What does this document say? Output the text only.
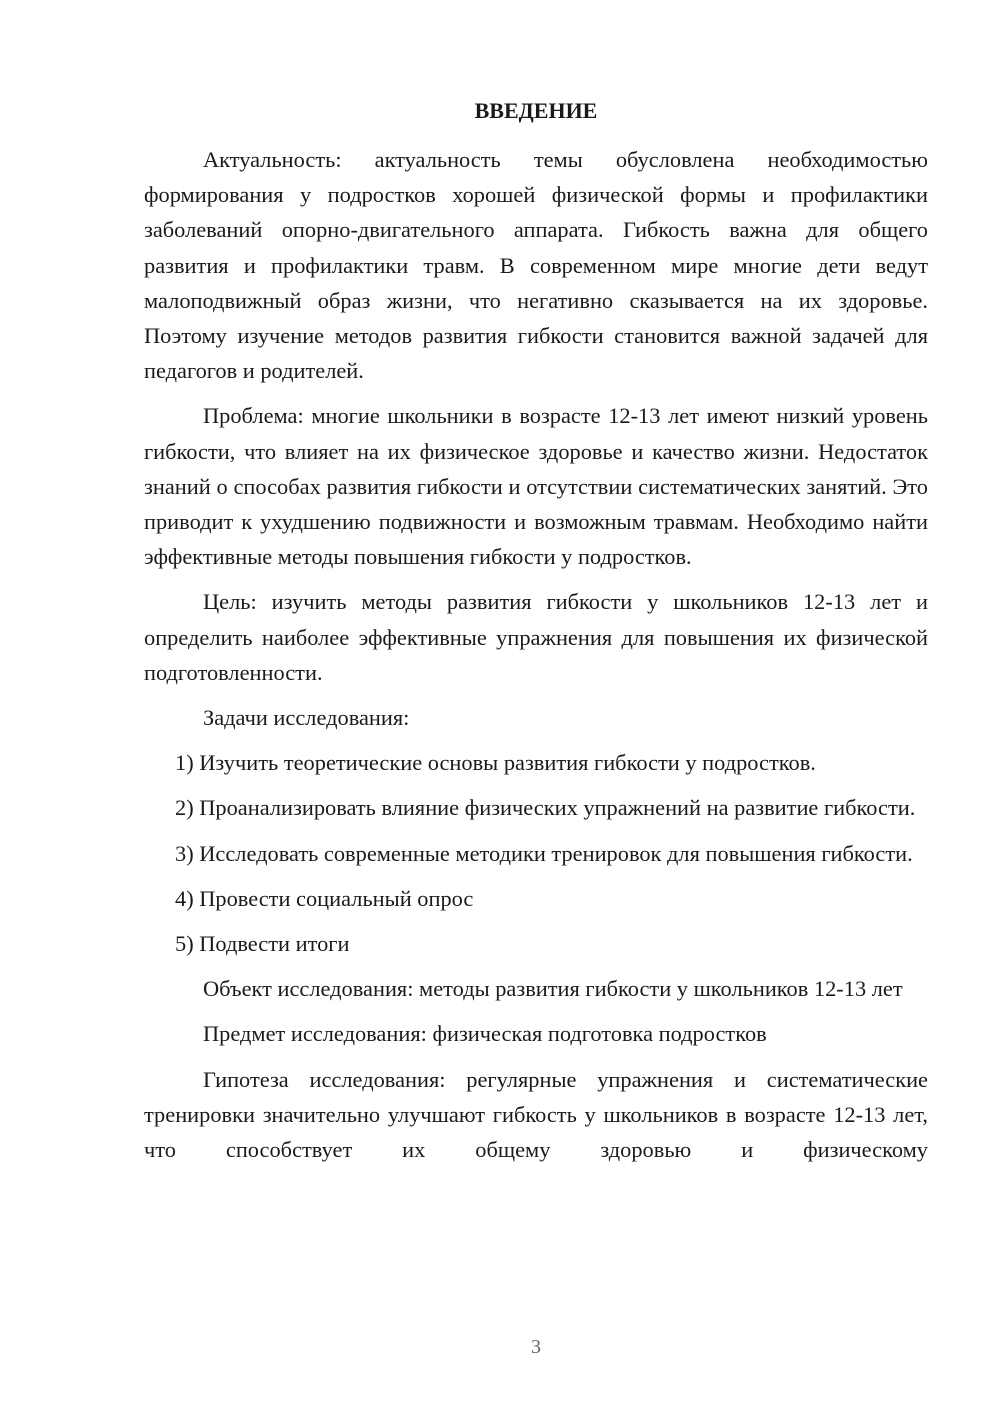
ВВЕДЕНИЕ

Актуальность: актуальность темы обусловлена необходимостью формирования у подростков хорошей физической формы и профилактики заболеваний опорно-двигательного аппарата. Гибкость важна для общего развития и профилактики травм. В современном мире многие дети ведут малоподвижный образ жизни, что негативно сказывается на их здоровье. Поэтому изучение методов развития гибкости становится важной задачей для педагогов и родителей.

Проблема: многие школьники в возрасте 12-13 лет имеют низкий уровень гибкости, что влияет на их физическое здоровье и качество жизни. Недостаток знаний о способах развития гибкости и отсутствии систематических занятий. Это приводит к ухудшению подвижности и возможным травмам. Необходимо найти эффективные методы повышения гибкости у подростков.

Цель: изучить методы развития гибкости у школьников 12-13 лет и определить наиболее эффективные упражнения для повышения их физической подготовленности.

Задачи исследования:

1) Изучить теоретические основы развития гибкости у подростков.

2) Проанализировать влияние физических упражнений на развитие гибкости.

3) Исследовать современные методики тренировок для повышения гибкости.

4) Провести социальный опрос

5) Подвести итоги

Объект исследования: методы развития гибкости у школьников 12-13 лет

Предмет исследования: физическая подготовка подростков

Гипотеза исследования: регулярные упражнения и систематические тренировки значительно улучшают гибкость у школьников в возрасте 12-13 лет, что способствует их общему здоровью и физическому

3
